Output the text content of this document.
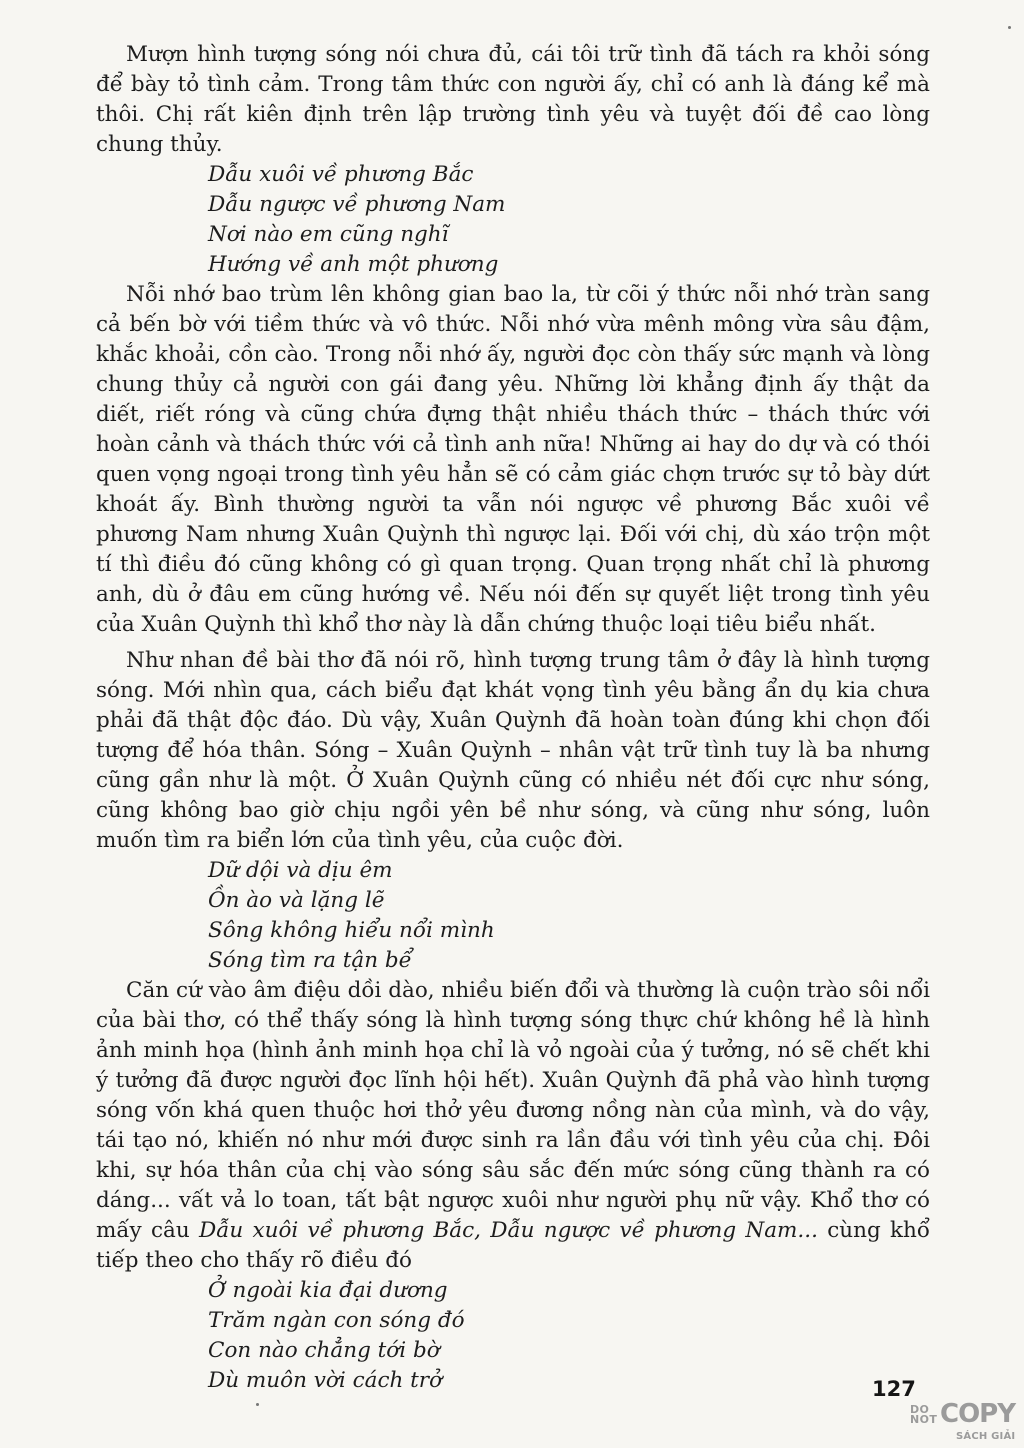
Mượn hình tượng sóng nói chưa đủ, cái tôi trữ tình đã tách ra khỏi sóng để bày tỏ tình cảm. Trong tâm thức con người ấy, chỉ có anh là đáng kể mà thôi. Chị rất kiên định trên lập trường tình yêu và tuyệt đối đề cao lòng chung thủy.

Dẫu xuôi về phương Bắc
Dẫu ngược về phương Nam
Nơi nào em cũng nghĩ
Hướng về anh một phương

Nỗi nhớ bao trùm lên không gian bao la, từ cõi ý thức nỗi nhớ tràn sang cả bến bờ với tiềm thức và vô thức. Nỗi nhớ vừa mênh mông vừa sâu đậm, khắc khoải, cồn cào. Trong nỗi nhớ ấy, người đọc còn thấy sức mạnh và lòng chung thủy cả người con gái đang yêu. Những lời khẳng định ấy thật da diết, riết róng và cũng chứa đựng thật nhiều thách thức – thách thức với hoàn cảnh và thách thức với cả tình anh nữa! Những ai hay do dự và có thói quen vọng ngoại trong tình yêu hẳn sẽ có cảm giác chợn trước sự tỏ bày dứt khoát ấy. Bình thường người ta vẫn nói ngược về phương Bắc xuôi về phương Nam nhưng Xuân Quỳnh thì ngược lại. Đối với chị, dù xáo trộn một tí thì điều đó cũng không có gì quan trọng. Quan trọng nhất chỉ là phương anh, dù ở đâu em cũng hướng về. Nếu nói đến sự quyết liệt trong tình yêu của Xuân Quỳnh thì khổ thơ này là dẫn chứng thuộc loại tiêu biểu nhất.

Như nhan đề bài thơ đã nói rõ, hình tượng trung tâm ở đây là hình tượng sóng. Mới nhìn qua, cách biểu đạt khát vọng tình yêu bằng ẩn dụ kia chưa phải đã thật độc đáo. Dù vậy, Xuân Quỳnh đã hoàn toàn đúng khi chọn đối tượng để hóa thân. Sóng – Xuân Quỳnh – nhân vật trữ tình tuy là ba nhưng cũng gần như là một. Ở Xuân Quỳnh cũng có nhiều nét đối cực như sóng, cũng không bao giờ chịu ngồi yên bề như sóng, và cũng như sóng, luôn muốn tìm ra biển lớn của tình yêu, của cuộc đời.

Dữ dội và dịu êm
Ồn ào và lặng lẽ
Sông không hiểu nổi mình
Sóng tìm ra tận bể

Căn cứ vào âm điệu dồi dào, nhiều biến đổi và thường là cuộn trào sôi nổi của bài thơ, có thể thấy sóng là hình tượng sóng thực chứ không hề là hình ảnh minh họa (hình ảnh minh họa chỉ là vỏ ngoài của ý tưởng, nó sẽ chết khi ý tưởng đã được người đọc lĩnh hội hết). Xuân Quỳnh đã phả vào hình tượng sóng vốn khá quen thuộc hơi thở yêu đương nồng nàn của mình, và do vậy, tái tạo nó, khiến nó như mới được sinh ra lần đầu với tình yêu của chị. Đôi khi, sự hóa thân của chị vào sóng sâu sắc đến mức sóng cũng thành ra có dáng... vất vả lo toan, tất bật ngược xuôi như người phụ nữ vậy. Khổ thơ có mấy câu Dẫu xuôi về phương Bắc, Dẫu ngược về phương Nam... cùng khổ tiếp theo cho thấy rõ điều đó

Ở ngoài kia đại dương
Trăm ngàn con sóng đó
Con nào chẳng tới bờ
Dù muôn vời cách trở	127
DO
NOT COPY
SÁCH GIẢI
